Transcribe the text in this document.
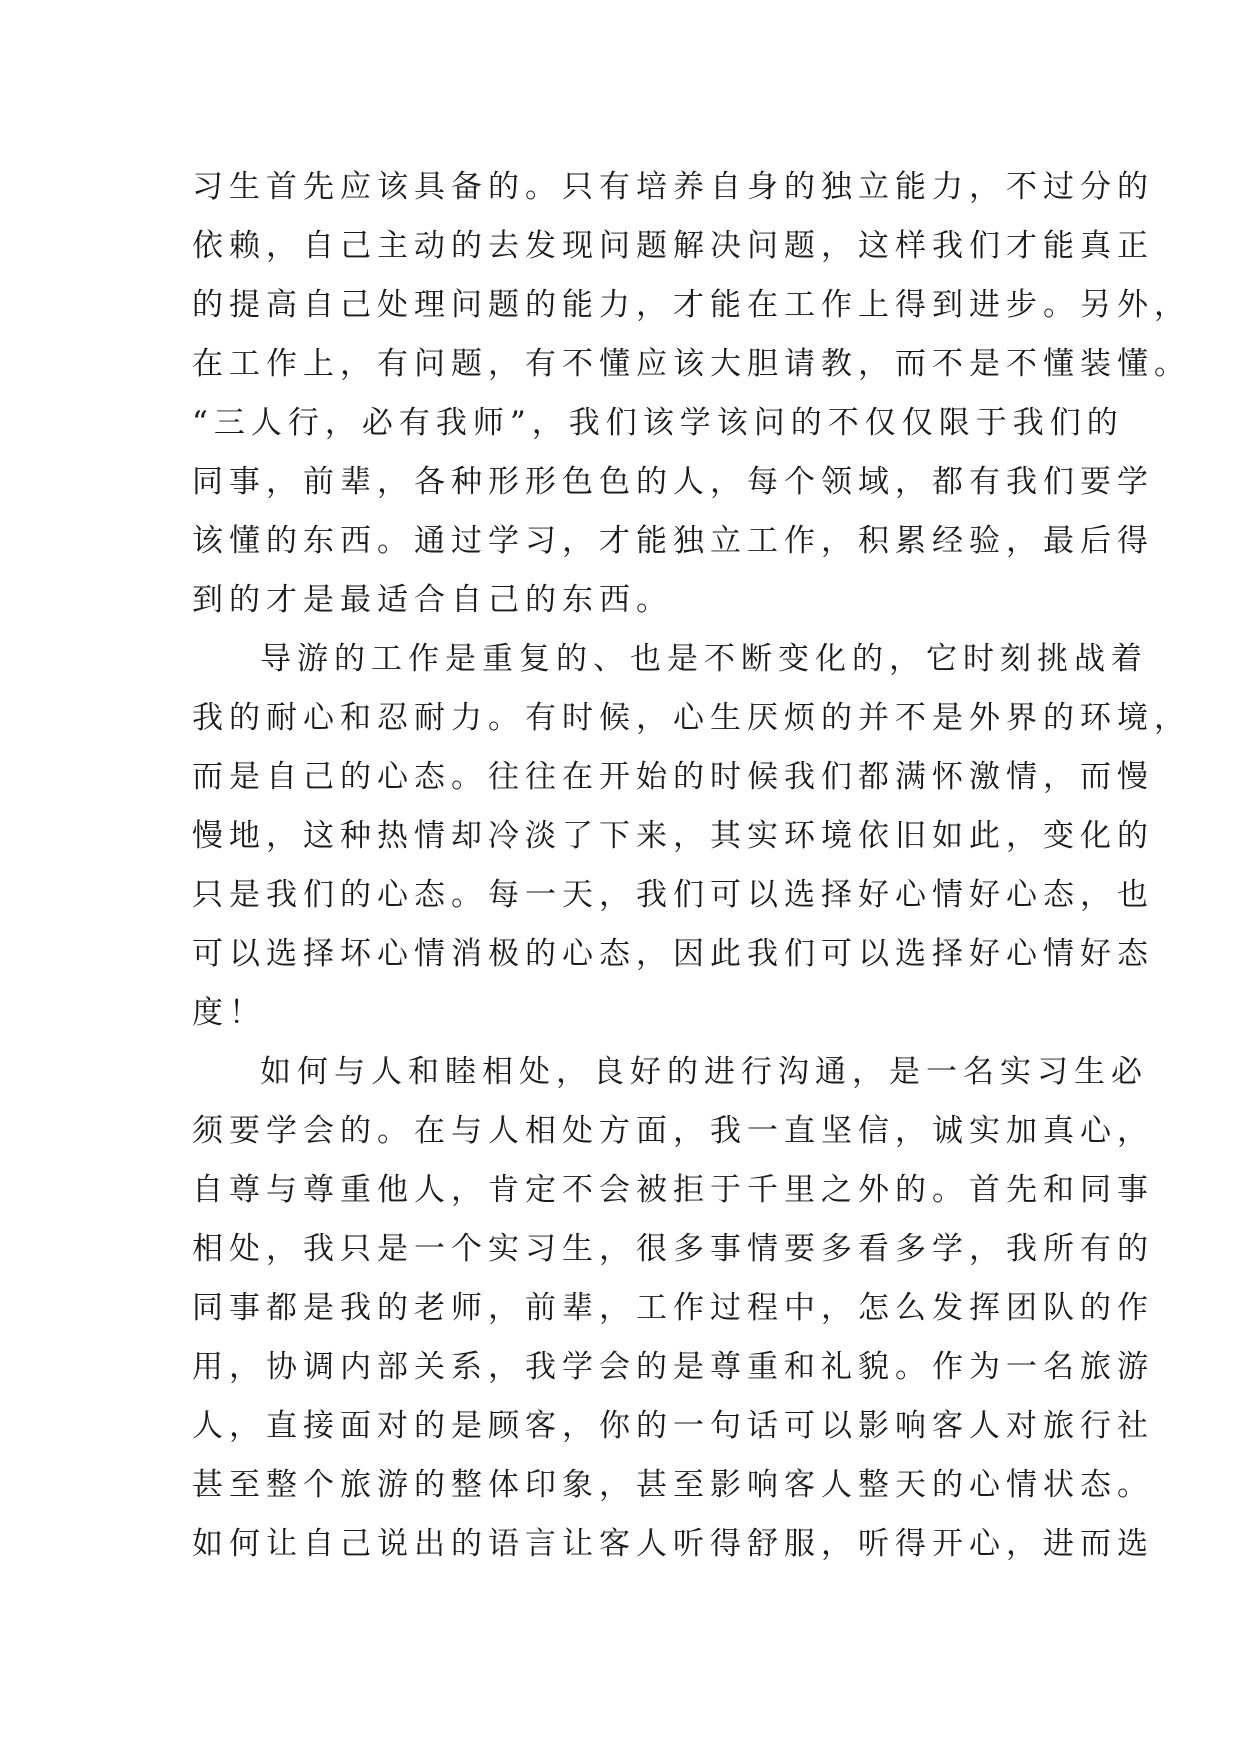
习生首先应该具备的。只有培养自身的独立能力，不过分的
依赖，自己主动的去发现问题解决问题，这样我们才能真正
的提高自己处理问题的能力，才能在工作上得到进步。另外，
在工作上，有问题，有不懂应该大胆请教，而不是不懂装懂。
“三人行，必有我师”，我们该学该问的不仅仅限于我们的
同事，前辈，各种形形色色的人，每个领域，都有我们要学
该懂的东西。通过学习，才能独立工作，积累经验，最后得
到的才是最适合自己的东西。
导游的工作是重复的、也是不断变化的，它时刻挑战着
我的耐心和忍耐力。有时候，心生厌烦的并不是外界的环境，
而是自己的心态。往往在开始的时候我们都满怀激情，而慢
慢地，这种热情却冷淡了下来，其实环境依旧如此，变化的
只是我们的心态。每一天，我们可以选择好心情好心态，也
可以选择坏心情消极的心态，因此我们可以选择好心情好态
度！
如何与人和睦相处，良好的进行沟通，是一名实习生必
须要学会的。在与人相处方面，我一直坚信，诚实加真心，
自尊与尊重他人，肯定不会被拒于千里之外的。首先和同事
相处，我只是一个实习生，很多事情要多看多学，我所有的
同事都是我的老师，前辈，工作过程中，怎么发挥团队的作
用，协调内部关系，我学会的是尊重和礼貌。作为一名旅游
人，直接面对的是顾客，你的一句话可以影响客人对旅行社
甚至整个旅游的整体印象，甚至影响客人整天的心情状态。
如何让自己说出的语言让客人听得舒服，听得开心，进而选
